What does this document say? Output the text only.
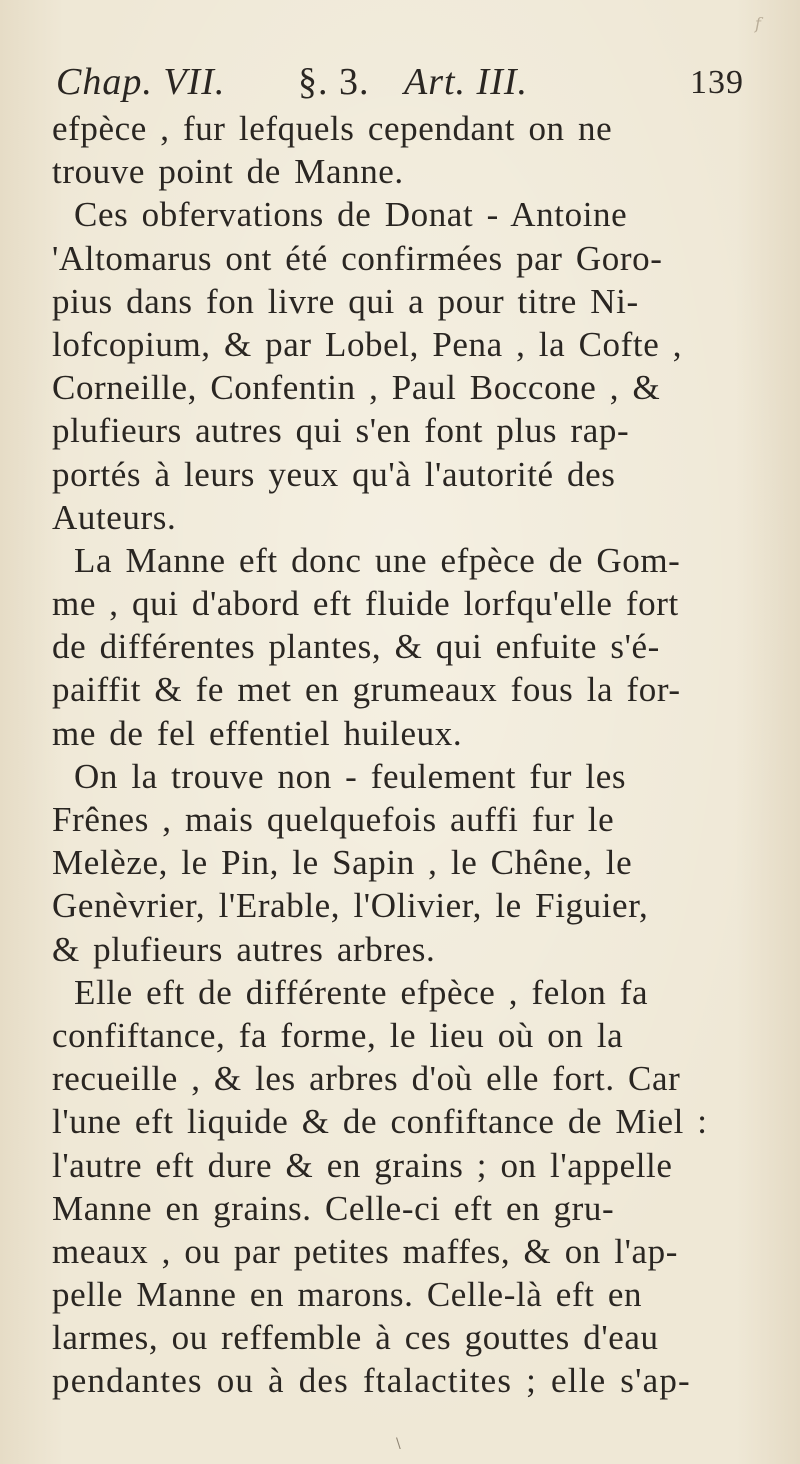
f
Chap. VII. §. 3. Art. III.	139
efpèce , fur lefquels cependant on ne
trouve point de Manne.
Ces obfervations de Donat - Antoine
'Altomarus ont été confirmées par Goro-
pius dans fon livre qui a pour titre Ni-
lofcopium, & par Lobel, Pena , la Cofte ,
Corneille, Confentin , Paul Boccone , &
plufieurs autres qui s'en font plus rap-
portés à leurs yeux qu'à l'autorité des
Auteurs.
La Manne eft donc une efpèce de Gom-
me , qui d'abord eft fluide lorfqu'elle fort
de différentes plantes, & qui enfuite s'é-
paiffit & fe met en grumeaux fous la for-
me de fel effentiel huileux.
On la trouve non - feulement fur les
Frênes , mais quelquefois auffi fur le
Melèze, le Pin, le Sapin , le Chêne, le
Genèvrier, l'Erable, l'Olivier, le Figuier,
& plufieurs autres arbres.
Elle eft de différente efpèce , felon fa
confiftance, fa forme, le lieu où on la
recueille , & les arbres d'où elle fort. Car
l'une eft liquide & de confiftance de Miel :
l'autre eft dure & en grains ; on l'appelle
Manne en grains. Celle-ci eft en gru-
meaux , ou par petites maffes, & on l'ap-
pelle Manne en marons. Celle-là eft en
larmes, ou reffemble à ces gouttes d'eau
pendantes ou à des ftalactites ; elle s'ap-
\
